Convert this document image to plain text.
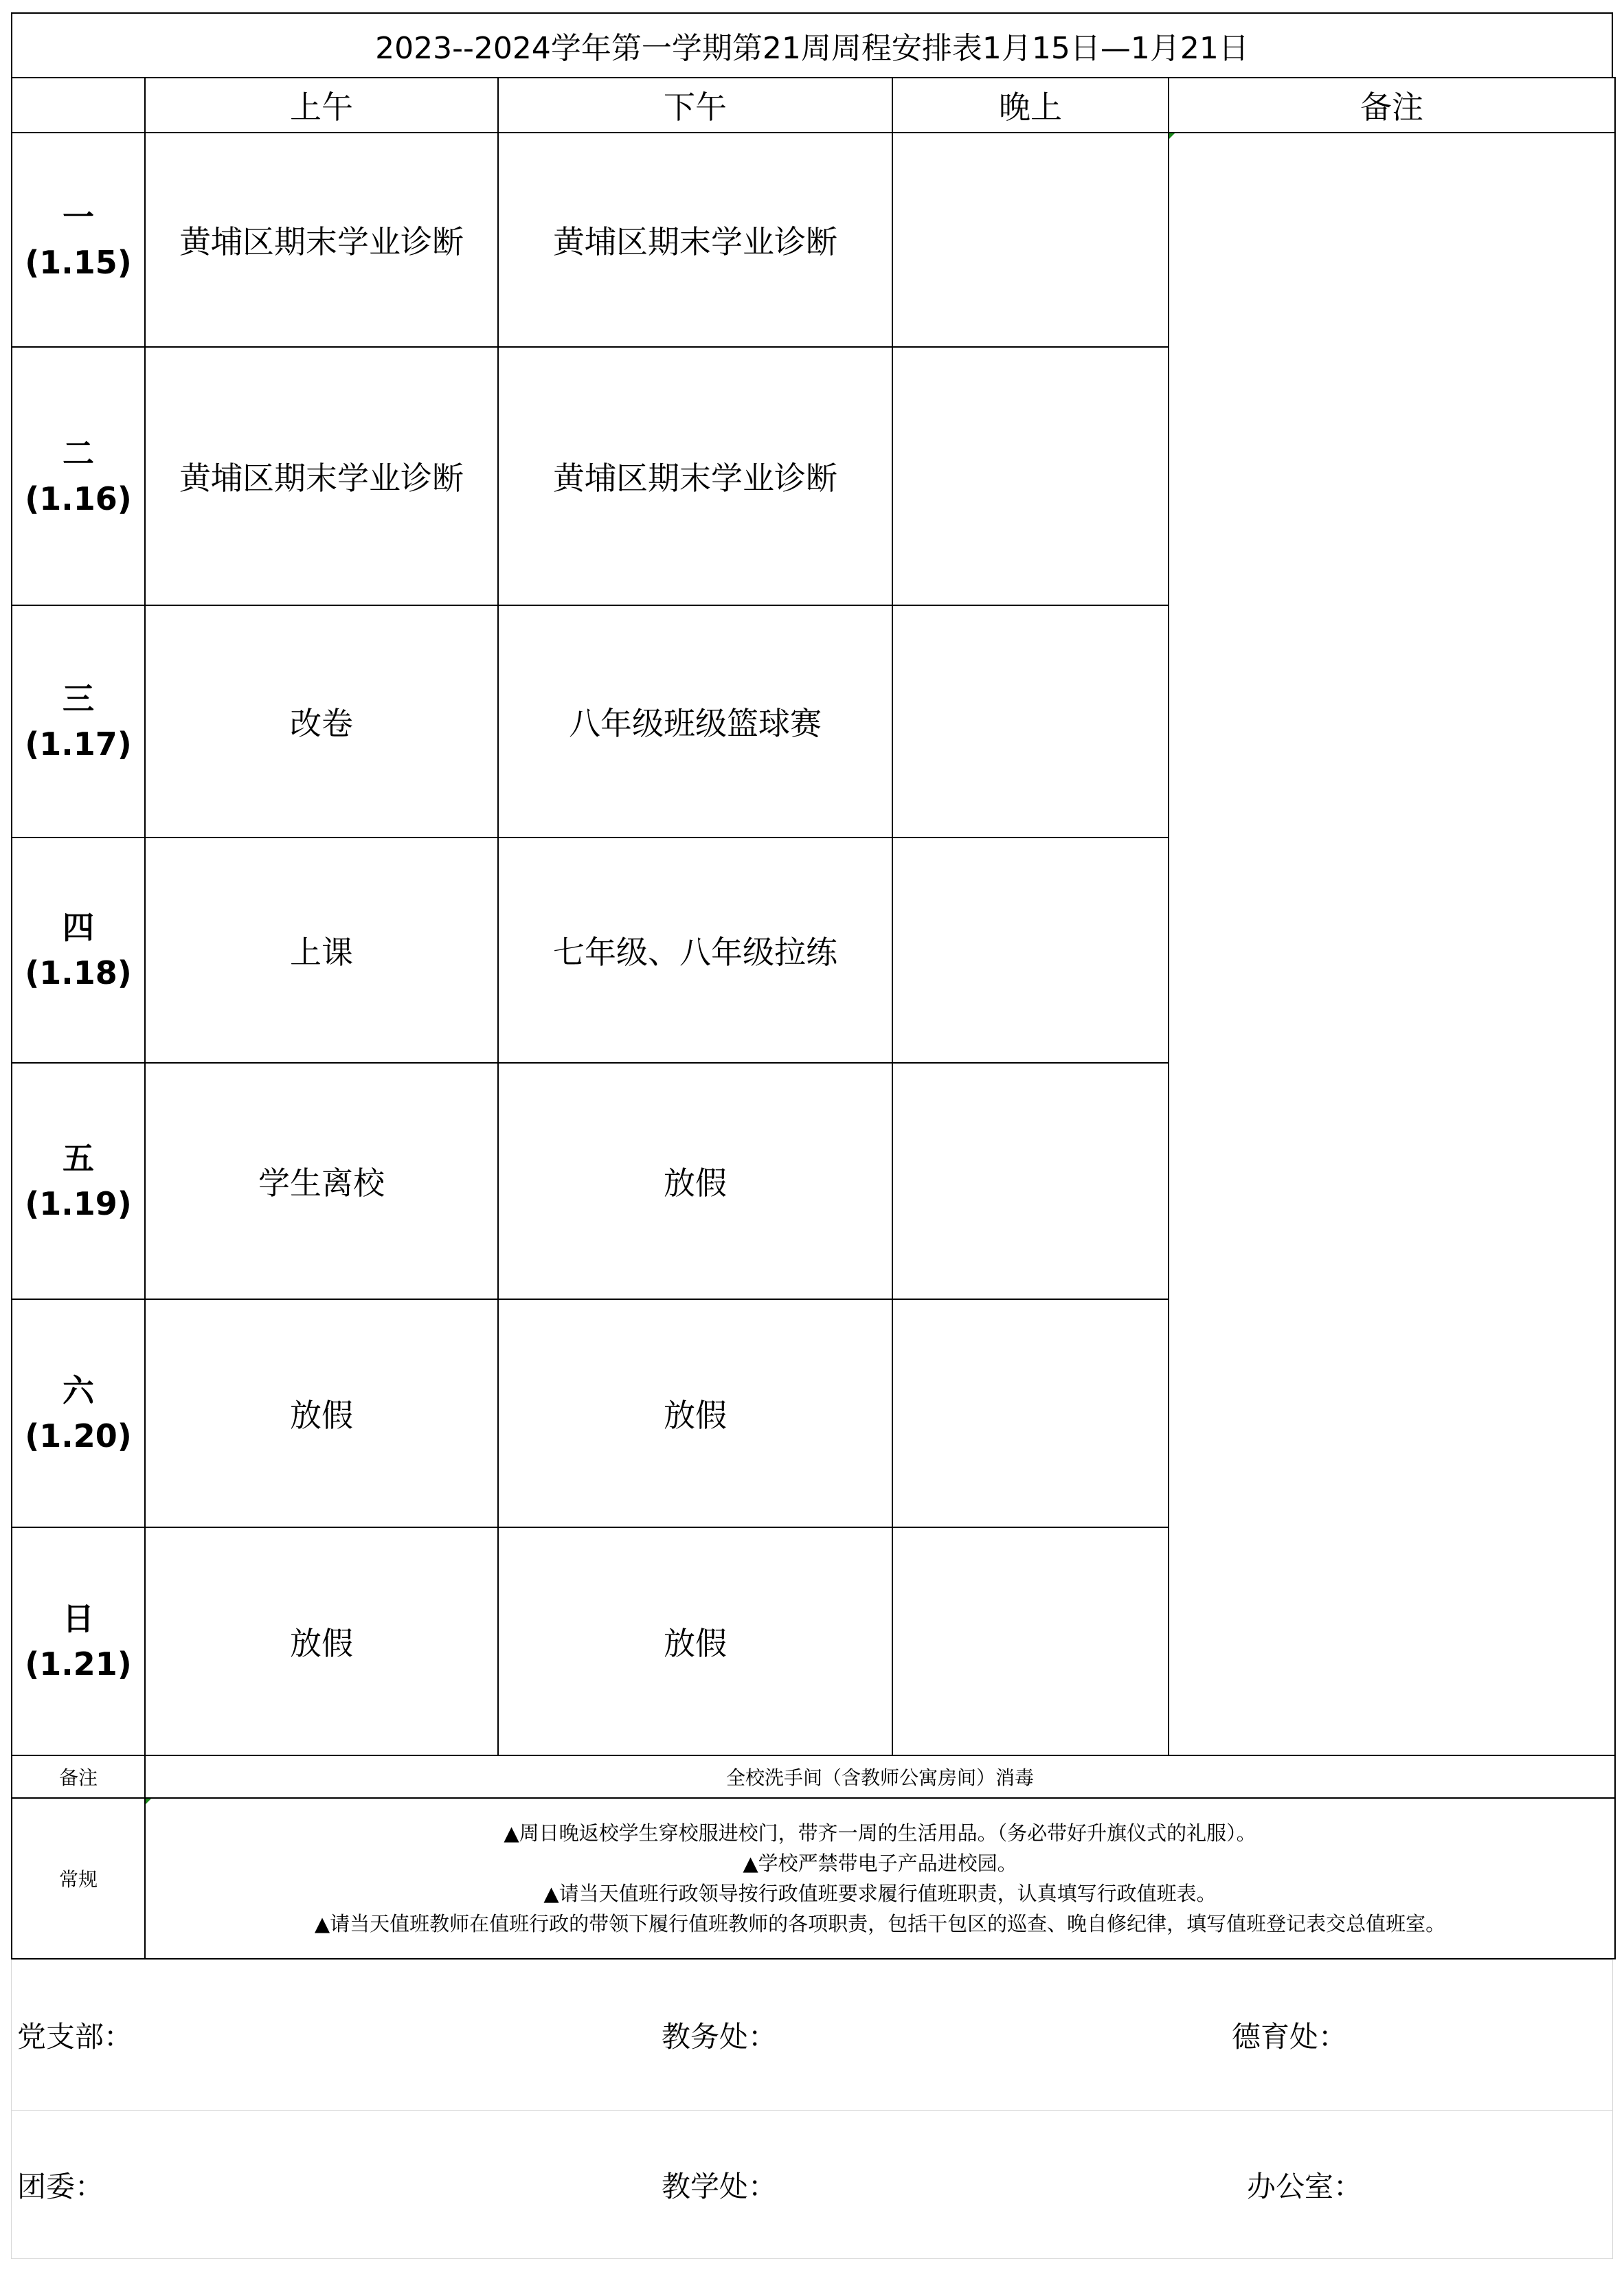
2023--2024学年第一学期第21周周程安排表1月15日—1月21日
	上午	下午	晚上	备注

一
(1.15)	黄埔区期末学业诊断	黄埔区期末学业诊断		

二
(1.16)	黄埔区期末学业诊断	黄埔区期末学业诊断		

三
(1.17)	改卷	八年级班级篮球赛		

四
(1.18)	上课	七年级、八年级拉练		

五
(1.19)	学生离校	放假		

六
(1.20)	放假	放假		

日
(1.21)	放假	放假		
备注	全校洗手间（含教师公寓房间）消毒			
常规	▲周日晚返校学生穿校服进校门，带齐一周的生活用品。（务必带好升旗仪式的礼服）。
▲学校严禁带电子产品进校园。
▲请当天值班行政领导按行政值班要求履行值班职责，认真填写行政值班表。
▲请当天值班教师在值班行政的带领下履行值班教师的各项职责，包括干包区的巡查、晚自修纪律，填写值班登记表交总值班室。			
党支部：	教务处：	德育处：
团委：	教学处：	办公室：
